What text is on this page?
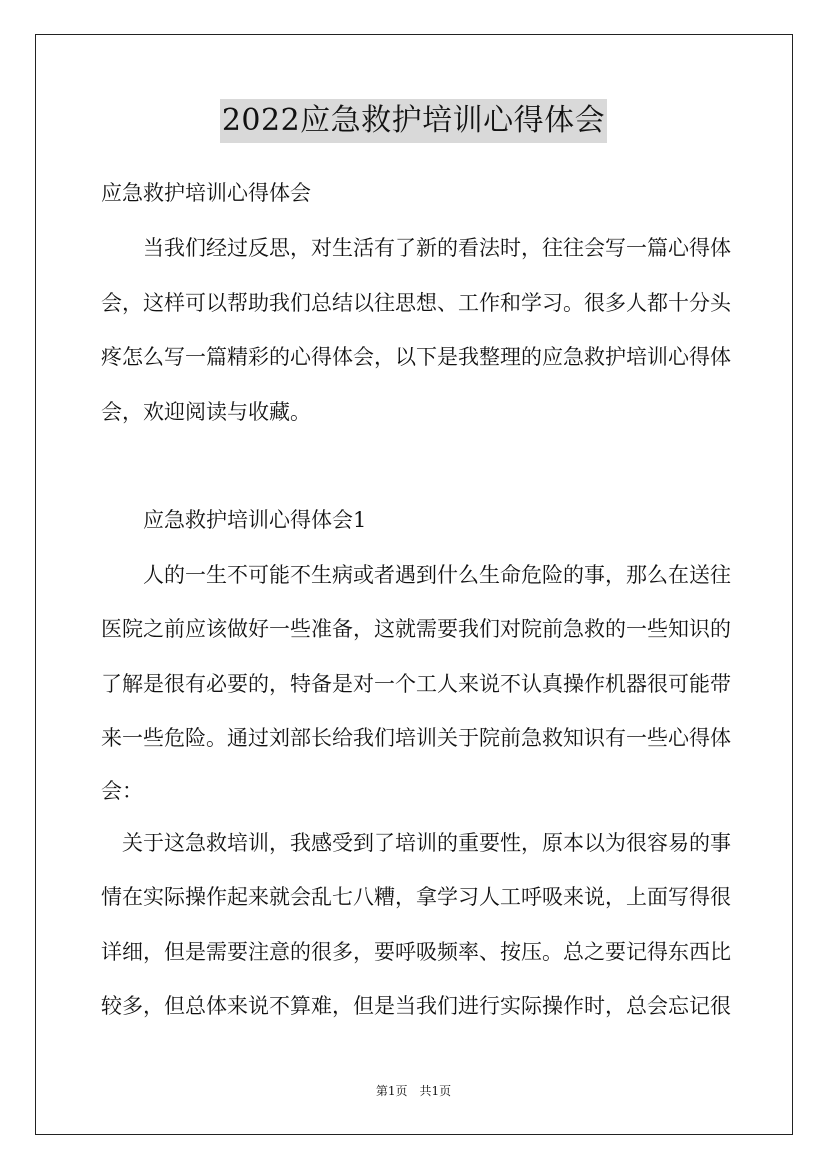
2022应急救护培训心得体会
应急救护培训心得体会
　　当我们经过反思，对生活有了新的看法时，往往会写一篇心得体
会，这样可以帮助我们总结以往思想、工作和学习。很多人都十分头
疼怎么写一篇精彩的心得体会，以下是我整理的应急救护培训心得体
会，欢迎阅读与收藏。
　　应急救护培训心得体会1
　　人的一生不可能不生病或者遇到什么生命危险的事，那么在送往
医院之前应该做好一些准备，这就需要我们对院前急救的一些知识的
了解是很有必要的，特备是对一个工人来说不认真操作机器很可能带
来一些危险。通过刘部长给我们培训关于院前急救知识有一些心得体
会：
　关于这急救培训，我感受到了培训的重要性，原本以为很容易的事
情在实际操作起来就会乱七八糟，拿学习人工呼吸来说，上面写得很
详细，但是需要注意的很多，要呼吸频率、按压。总之要记得东西比
较多，但总体来说不算难，但是当我们进行实际操作时，总会忘记很
第1页　共1页
